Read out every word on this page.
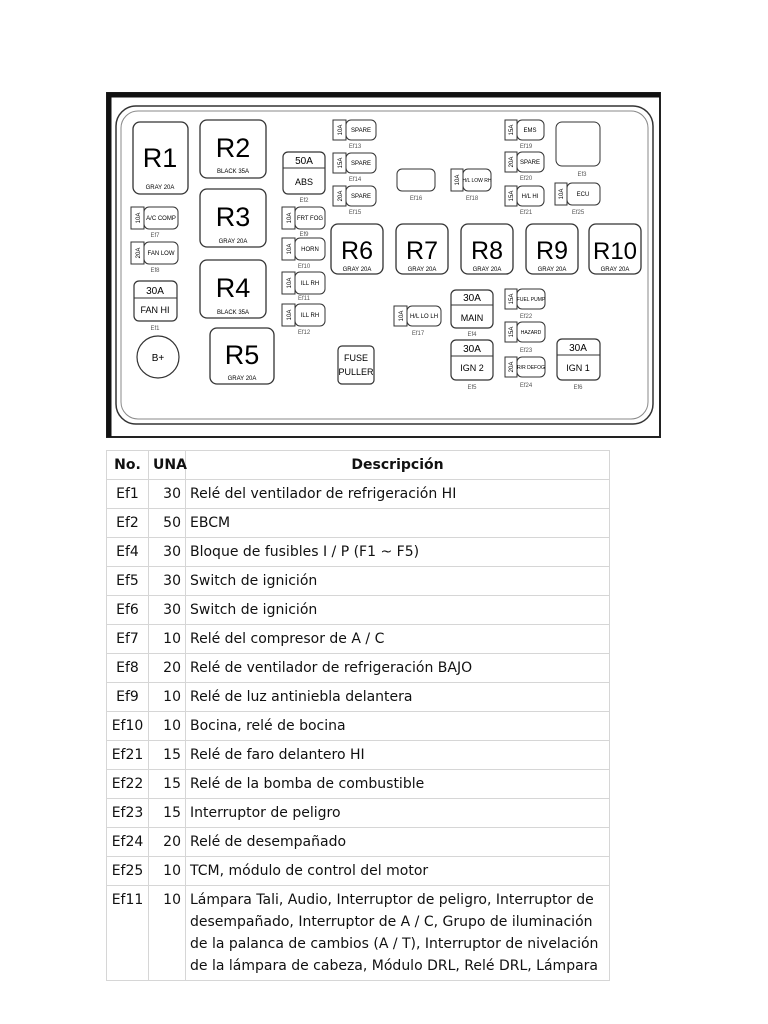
R1
GRAY 20A
R2
BLACK 35A
R3
GRAY 20A
R4
BLACK 35A
R5
GRAY 20A
R6
GRAY 20A
R7
GRAY 20A
R8
GRAY 20A
R9
GRAY 20A
R10
GRAY 20A
10A A/C COMP
Ef7
20A FAN LOW
Ef8
10A FRT FOG
Ef9
10A HORN
Ef10
10A ILL RH
Ef11
10A ILL RH
Ef12
10A SPARE
Ef13
15A SPARE
Ef14
20A SPARE
Ef15
10A H/L LO LH
Ef17
10A H/L LOW RH
Ef18
15A EMS
Ef19
20A SPARE
Ef20
15A H/L HI
Ef21
15A FUEL PUMP
Ef22
15A HAZARD
Ef23
20A R/R DEFOG
Ef24
10A ECU
Ef25
30A
FAN HI
Ef1
50A
ABS
Ef2
30A
MAIN
Ef4
30A
IGN 2
Ef5
30A
IGN 1
Ef6
Ef16
Ef3
B+	FUSE
PULLER
No.	UNA	Descripción
Ef1	30	Relé del ventilador de refrigeración HI
Ef2	50	EBCM
Ef4	30	Bloque de fusibles I / P (F1 ~ F5)
Ef5	30	Switch de ignición
Ef6	30	Switch de ignición
Ef7	10	Relé del compresor de A / C
Ef8	20	Relé de ventilador de refrigeración BAJO
Ef9	10	Relé de luz antiniebla delantera
Ef10	10	Bocina, relé de bocina
Ef21	15	Relé de faro delantero HI
Ef22	15	Relé de la bomba de combustible
Ef23	15	Interruptor de peligro
Ef24	20	Relé de desempañado
Ef25	10	TCM, módulo de control del motor
Ef11	10	Lámpara Tali, Audio, Interruptor de peligro, Interruptor de desempañado, Interruptor de A / C, Grupo de iluminación de la palanca de cambios (A / T), Interruptor de nivelación de la lámpara de cabeza, Módulo DRL, Relé DRL, Lámpara
